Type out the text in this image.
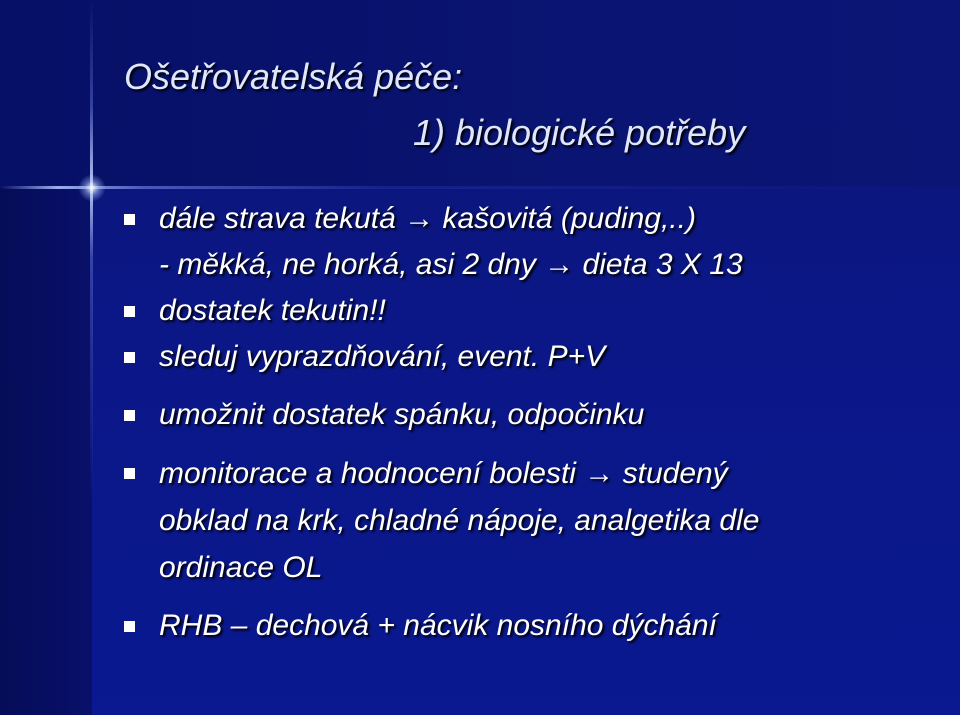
Ošetřovatelská péče:
1) biologické potřeby
dále strava tekutá → kašovitá (puding,..)
- měkká, ne horká, asi 2 dny → dieta 3 X 13
dostatek tekutin!!
sleduj vyprazdňování, event. P+V
umožnit dostatek spánku, odpočinku
monitorace a hodnocení bolesti → studený
obklad na krk, chladné nápoje, analgetika dle
ordinace OL
RHB – dechová + nácvik nosního dýchání
